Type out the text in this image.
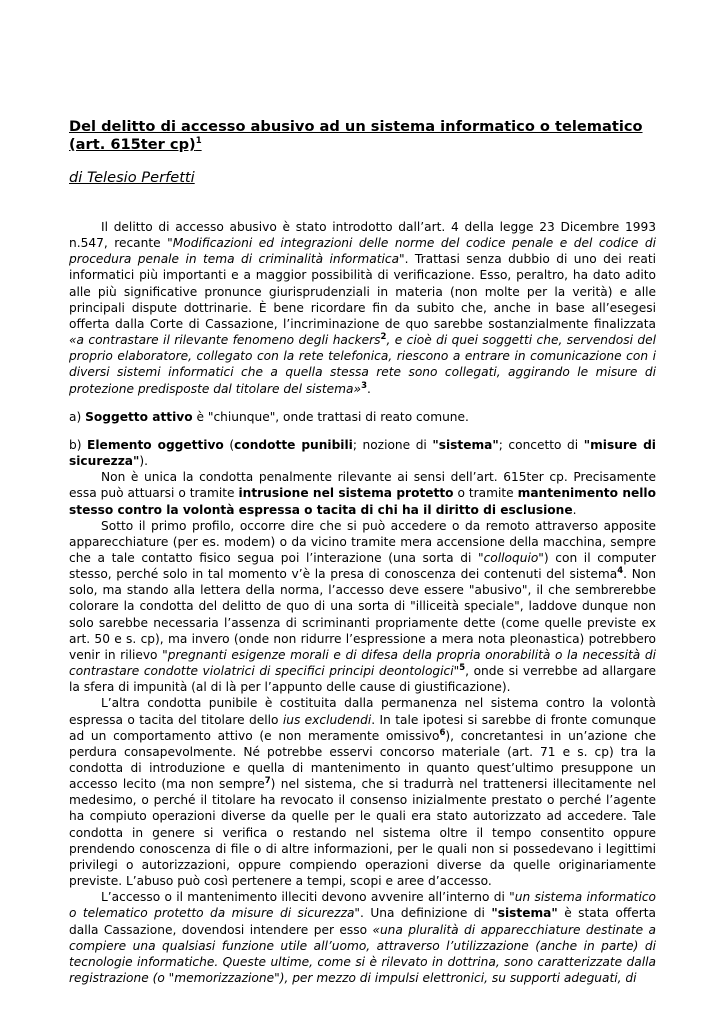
Del delitto di accesso abusivo ad un sistema informatico o telematico (art. 615ter cp)$^1$

di Telesio Perfetti

Il delitto di accesso abusivo è stato introdotto dall’art. 4 della legge 23 Dicembre 1993 n.547, recante "Modificazioni ed integrazioni delle norme del codice penale e del codice di procedura penale in tema di criminalità informatica". Trattasi senza dubbio di uno dei reati informatici più importanti e a maggior possibilità di verificazione. Esso, peraltro, ha dato adito alle più significative pronunce giurisprudenziali in materia (non molte per la verità) e alle principali dispute dottrinarie. È bene ricordare fin da subito che, anche in base all’esegesi offerta dalla Corte di Cassazione, l’incriminazione de quo sarebbe sostanzialmente finalizzata «a contrastare il rilevante fenomeno degli hackers$^2$, e cioè di quei soggetti che, servendosi del proprio elaboratore, collegato con la rete telefonica, riescono a entrare in comunicazione con i diversi sistemi informatici che a quella stessa rete sono collegati, aggirando le misure di protezione predisposte dal titolare del sistema»$^3$.

a) Soggetto attivo è "chiunque", onde trattasi di reato comune.

b) Elemento oggettivo (condotte punibili; nozione di "sistema"; concetto di "misure di sicurezza").

Non è unica la condotta penalmente rilevante ai sensi dell’art. 615ter cp. Precisamente essa può attuarsi o tramite intrusione nel sistema protetto o tramite mantenimento nello stesso contro la volontà espressa o tacita di chi ha il diritto di esclusione.

Sotto il primo profilo, occorre dire che si può accedere o da remoto attraverso apposite apparecchiature (per es. modem) o da vicino tramite mera accensione della macchina, sempre che a tale contatto fisico segua poi l’interazione (una sorta di "colloquio") con il computer stesso, perché solo in tal momento v’è la presa di conoscenza dei contenuti del sistema$^4$. Non solo, ma stando alla lettera della norma, l’accesso deve essere "abusivo", il che sembrerebbe colorare la condotta del delitto de quo di una sorta di "illiceità speciale", laddove dunque non solo sarebbe necessaria l’assenza di scriminanti propriamente dette (come quelle previste ex art. 50 e s. cp), ma invero (onde non ridurre l’espressione a mera nota pleonastica) potrebbero venir in rilievo "pregnanti esigenze morali e di difesa della propria onorabilità o la necessità di contrastare condotte violatrici di specifici principi deontologici"$^5$, onde si verrebbe ad allargare la sfera di impunità (al di là per l’appunto delle cause di giustificazione).

L’altra condotta punibile è costituita dalla permanenza nel sistema contro la volontà espressa o tacita del titolare dello ius excludendi. In tale ipotesi si sarebbe di fronte comunque ad un comportamento attivo (e non meramente omissivo$^6$), concretantesi in un’azione che perdura consapevolmente. Né potrebbe esservi concorso materiale (art. 71 e s. cp) tra la condotta di introduzione e quella di mantenimento in quanto quest’ultimo presuppone un accesso lecito (ma non sempre$^7$) nel sistema, che si tradurrà nel trattenersi illecitamente nel medesimo, o perché il titolare ha revocato il consenso inizialmente prestato o perché l’agente ha compiuto operazioni diverse da quelle per le quali era stato autorizzato ad accedere. Tale condotta in genere si verifica o restando nel sistema oltre il tempo consentito oppure prendendo conoscenza di file o di altre informazioni, per le quali non si possedevano i legittimi privilegi o autorizzazioni, oppure compiendo operazioni diverse da quelle originariamente previste. L’abuso può così pertenere a tempi, scopi e aree d’accesso.

L’accesso o il mantenimento illeciti devono avvenire all’interno di "un sistema informatico o telematico protetto da misure di sicurezza". Una definizione di "sistema" è stata offerta dalla Cassazione, dovendosi intendere per esso «una pluralità di apparecchiature destinate a compiere una qualsiasi funzione utile all’uomo, attraverso l’utilizzazione (anche in parte) di tecnologie informatiche. Queste ultime, come si è rilevato in dottrina, sono caratterizzate dalla registrazione (o "memorizzazione"), per mezzo di impulsi elettronici, su supporti adeguati, di
